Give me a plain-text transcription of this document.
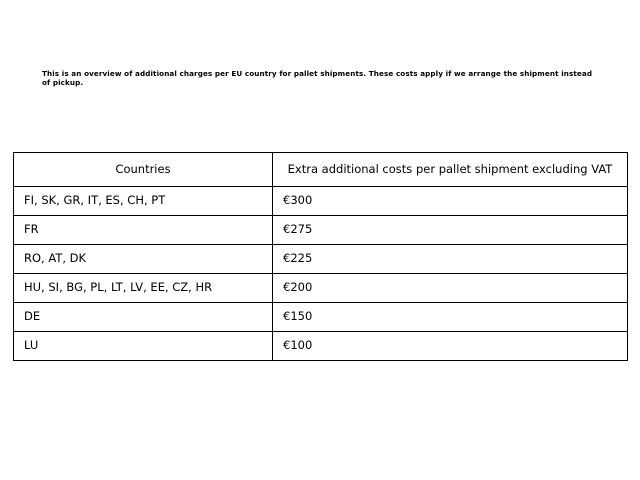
This is an overview of additional charges per EU country for pallet shipments. These costs apply if we arrange the shipment instead of pickup.

Countries	Extra additional costs per pallet shipment excluding VAT

FI, SK, GR, IT, ES, CH, PT	€300

FR	€275

RO, AT, DK	€225

HU, SI, BG, PL, LT, LV, EE, CZ, HR	€200

DE	€150

LU	€100
